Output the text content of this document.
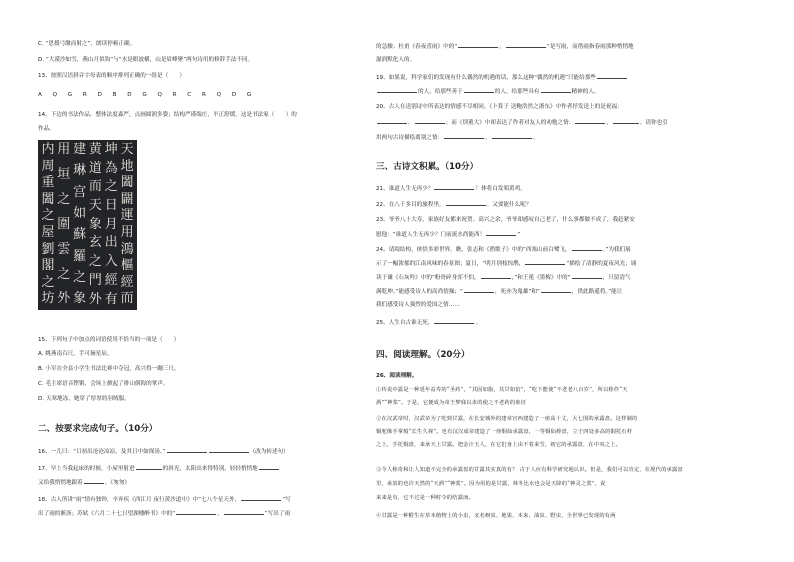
C. “思援弓缴而射之”，朗读停顿正确。
D. “大漠沙如雪，燕山月似钩”与“水是眼波横，山是眉峰聚”两句诗用的修辞手法不同。
13、按照汉语拼音字母表的顺序排列正确的一组是（　　）
A Q G R D B D G Q R C R Q D G
14、下边的书法作品，整体法度森严，点画圆润多姿；结构严谨端庄，平正舒缓。这是书法家（　　）的
作品。
天
地
闔
闢
運
用
鴻
樞
經
而
坤
為
之
日
月
出
入
經
有
黄
道
而
天
象
玄
之
門
外
建
琳
宫
如
蘇
羅
之
象
用
垣
之
圍
雲
之
外
内
周
重
闔
之
屋
劉
閣
之
坊
15、下列句子中加点的词语使用不恰当的一项是（　　）
A. 姚燕南百尺，手可摘星辰。
B. 小军在全县小学生书法比赛中夺冠，高兴得一蹦三尺。
C. 毛主席语音铿锵，会场上掀起了排山倒海的掌声。
D. 天寒地冻，她穿了厚厚的羽绒服。
二、按要求完成句子。（10分）
16、一儿曰：“日初出沧沧凉凉，及其日中如探汤。”	（改为转述句）
17、早上当我起床的时候，小屋里射进	的斜光，太阳出来得特别，轻轻悄悄地
又给我悄悄地跟着	。《匆匆》
18、古人所讲“雨”情有独钟，辛弃疾《西江月 夜行黄沙道中》中“七八个星天外，	”写
出了雨的淅沥；苏轼《六月二十七日望湖楼醉书》中的“	，	”写出了雨
的急骤；杜甫《春夜喜雨》中的“	，	”是写雨，而借雨指春雨那种悄悄地
滋润默化人的。
19、如果说，科学家们的发现有什么偶然的机遇的话，那么这种“偶然的机遇”只能给那些
的人，给那些善于	的人，给那些具有	精神的人。
20、古人在送别诗中所表达的情感不尽相同。《卜算子 送鲍浩然之浙东》中作者抒发送上的是祝福：
，	；而《別董大》中却表达了作者对友人的劝勉之情：	，	。请你也引
用两句古诗描绘离别之情：	，	。
三、古诗文积累。（10分）
21、谁道人生无再少？	！休将白发唱黄鸡。
22、在八千多目的旅程里，	。又要能什么呢？
23、爷爷八十大寿，家族好友都来祝贺。高兴之余，爷爷却感叹自己老了，什么事都做不成了，我赶紧安
慰他：“谁道人生无再少？门前流水尚能西！	”
24、请阅结构，体悟多彩世界。瞧，张志和《渔歌子》中的“西塞山前白鹭飞，	。”为我们展
示了一幅浓郁的江南风味的春景图；夏日，“明月别枝惊鹊，	”描绘了清静的夏夜风光；诵
读于谦《石灰吟》中的“粉骨碎身浑不怕，	，”和王冕《墨梅》中的“	，只留清气
满乾坤。”能感受诗人的高尚情操；“	，死亦为鬼雄”和“	，供此路遥将。”能让
我们感受诗人强烈的爱国之情……
25、人生自古谁无死，	。
四、阅读理解。（20分）
26、阅读理解。
①传说中露是一种延年益寿的“圣药”，“其固如脂，其甘如饴”，“吃下能使“不老老八百岁”，所以称作“天
酒”“神浆”。于是，它便成为帝王梦寐以求的使之不老药的象征
②在汉武帝时，汉武帝为了吃到甘露，在长安城外的建章宫西建造了一座高十丈，大七围的承露盘。这样制的
铜驼像手掌般“长生久视”。也有汉汉成帝建造了一座铜仙承露盘，一等铜仙捧盘，立于四处多高的铜托石杆
之上，手托铜盘，来承天上甘露。把金汁玉人，在它们身上由不着来雪，初它的承露盘，在中央之上。
③令人称奇和让人知道不完全的承露盘的甘露其实真的有？ 古于人应有科学研究地认识。但是，我们可以肯定，在现代的承露盘
里，承放的也许天然的“天酒”“神浆”。因为用的是甘露，林冬比水也会是天降的“神灵之浆”，说
来来是有，它不过是一种时令的结露而。
④甘露是一种附生在草本植物上的小虫，叉名蚜虫、地果、本来、油虫、野虫，全世界已发现的有两
